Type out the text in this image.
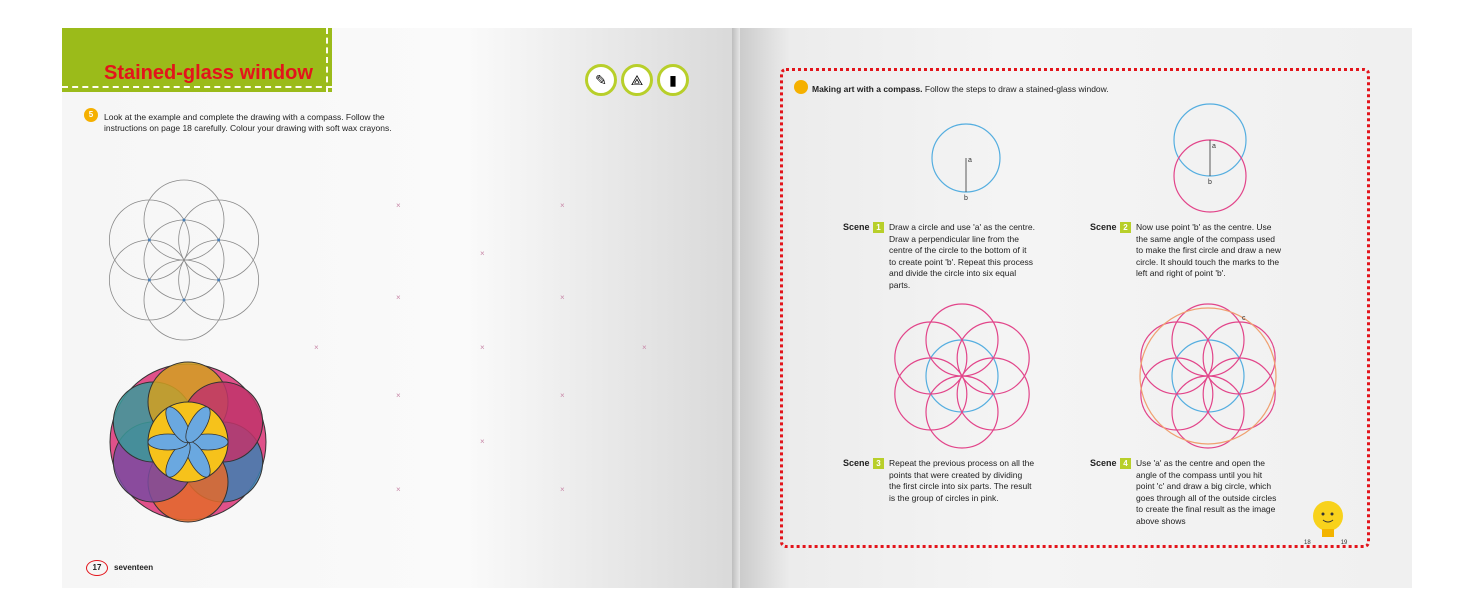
Stained-glass window	✎	⟁	▮
5	Look at the example and complete the drawing with a compass. Follow the instructions on page 18 carefully. Colour your drawing with soft wax crayons.
×	×
×
×	×
×	×	×
×	×
×
×	×
17 seventeen
Making art with a compass. Follow the steps to draw a stained-glass window.
a
b
a
b
c
Scene 1 Draw a circle and use 'a' as the centre. Draw a perpendicular line from the centre of the circle to the bottom of it to create point 'b'. Repeat this process and divide the circle into six equal parts.
Scene 2 Now use point 'b' as the centre. Use the same angle of the compass used to make the first circle and draw a new circle. It should touch the marks to the left and right of point 'b'.
Scene 3 Repeat the previous process on all the points that were created by dividing the first circle into six parts. The result is the group of circles in pink.
Scene 4 Use 'a' as the centre and open the angle of the compass until you hit point 'c' and draw a big circle, which goes through all of the outside circles to create the final result as the image above shows
18	19
